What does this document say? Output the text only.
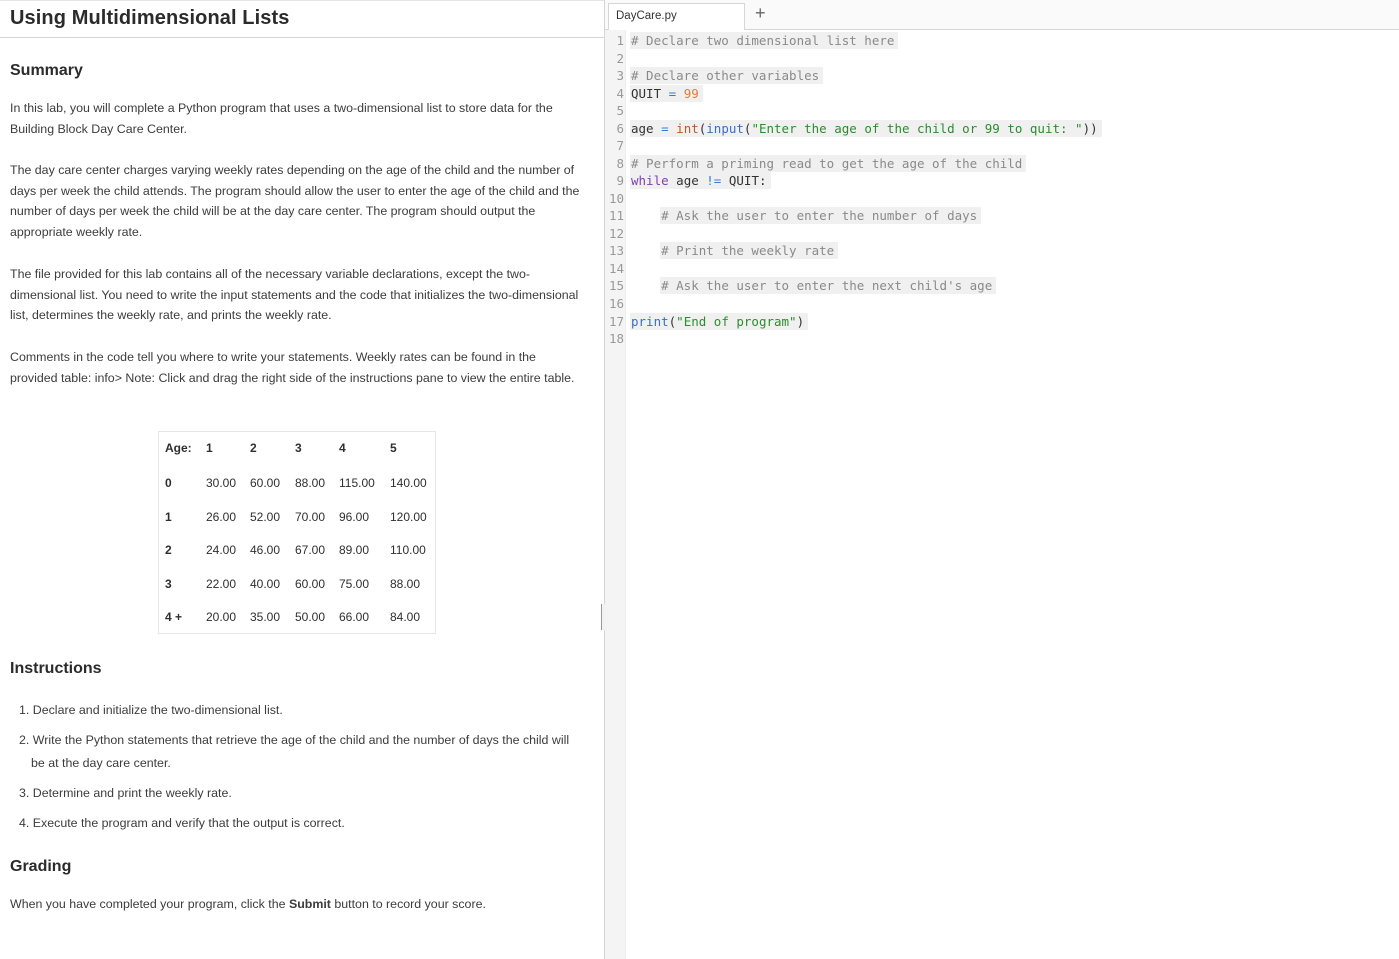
Using Multidimensional Lists
Summary

In this lab, you will complete a Python program that uses a two-dimensional list to store data for the Building Block Day Care Center.

The day care center charges varying weekly rates depending on the age of the child and the number of days per week the child attends. The program should allow the user to enter the age of the child and the number of days per week the child will be at the day care center. The program should output the appropriate weekly rate.

The file provided for this lab contains all of the necessary variable declarations, except the two-dimensional list. You need to write the input statements and the code that initializes the two-dimensional list, determines the weekly rate, and prints the weekly rate.

Comments in the code tell you where to write your statements. Weekly rates can be found in the provided table: info> Note: Click and drag the right side of the instructions pane to view the entire table.

Age: 1	2	3	4	5
0	30.00 60.00 88.00 115.00 140.00
1	26.00 52.00 70.00 96.00 120.00
2	24.00 46.00 67.00 89.00 110.00
3	22.00 40.00 60.00 75.00 88.00
4 + 20.00 35.00 50.00 66.00 84.00
Instructions
1. Declare and initialize the two-dimensional list.
2. Write the Python statements that retrieve the age of the child and the number of days the child will be at the day care center.
3. Determine and print the weekly rate.
4. Execute the program and verify that the output is correct.
Grading

When you have completed your program, click the Submit button to record your score.

DayCare.py	+
1
2
3
4
5
6
7
8
9
10
11
12
13
14
15
16
17
18
# Declare two dimensional list here
# Declare other variables
QUIT = 99
age = int(input("Enter the age of the child or 99 to quit: "))
# Perform a priming read to get the age of the child
while age != QUIT:
# Ask the user to enter the number of days
# Print the weekly rate
# Ask the user to enter the next child's age
print("End of program")
